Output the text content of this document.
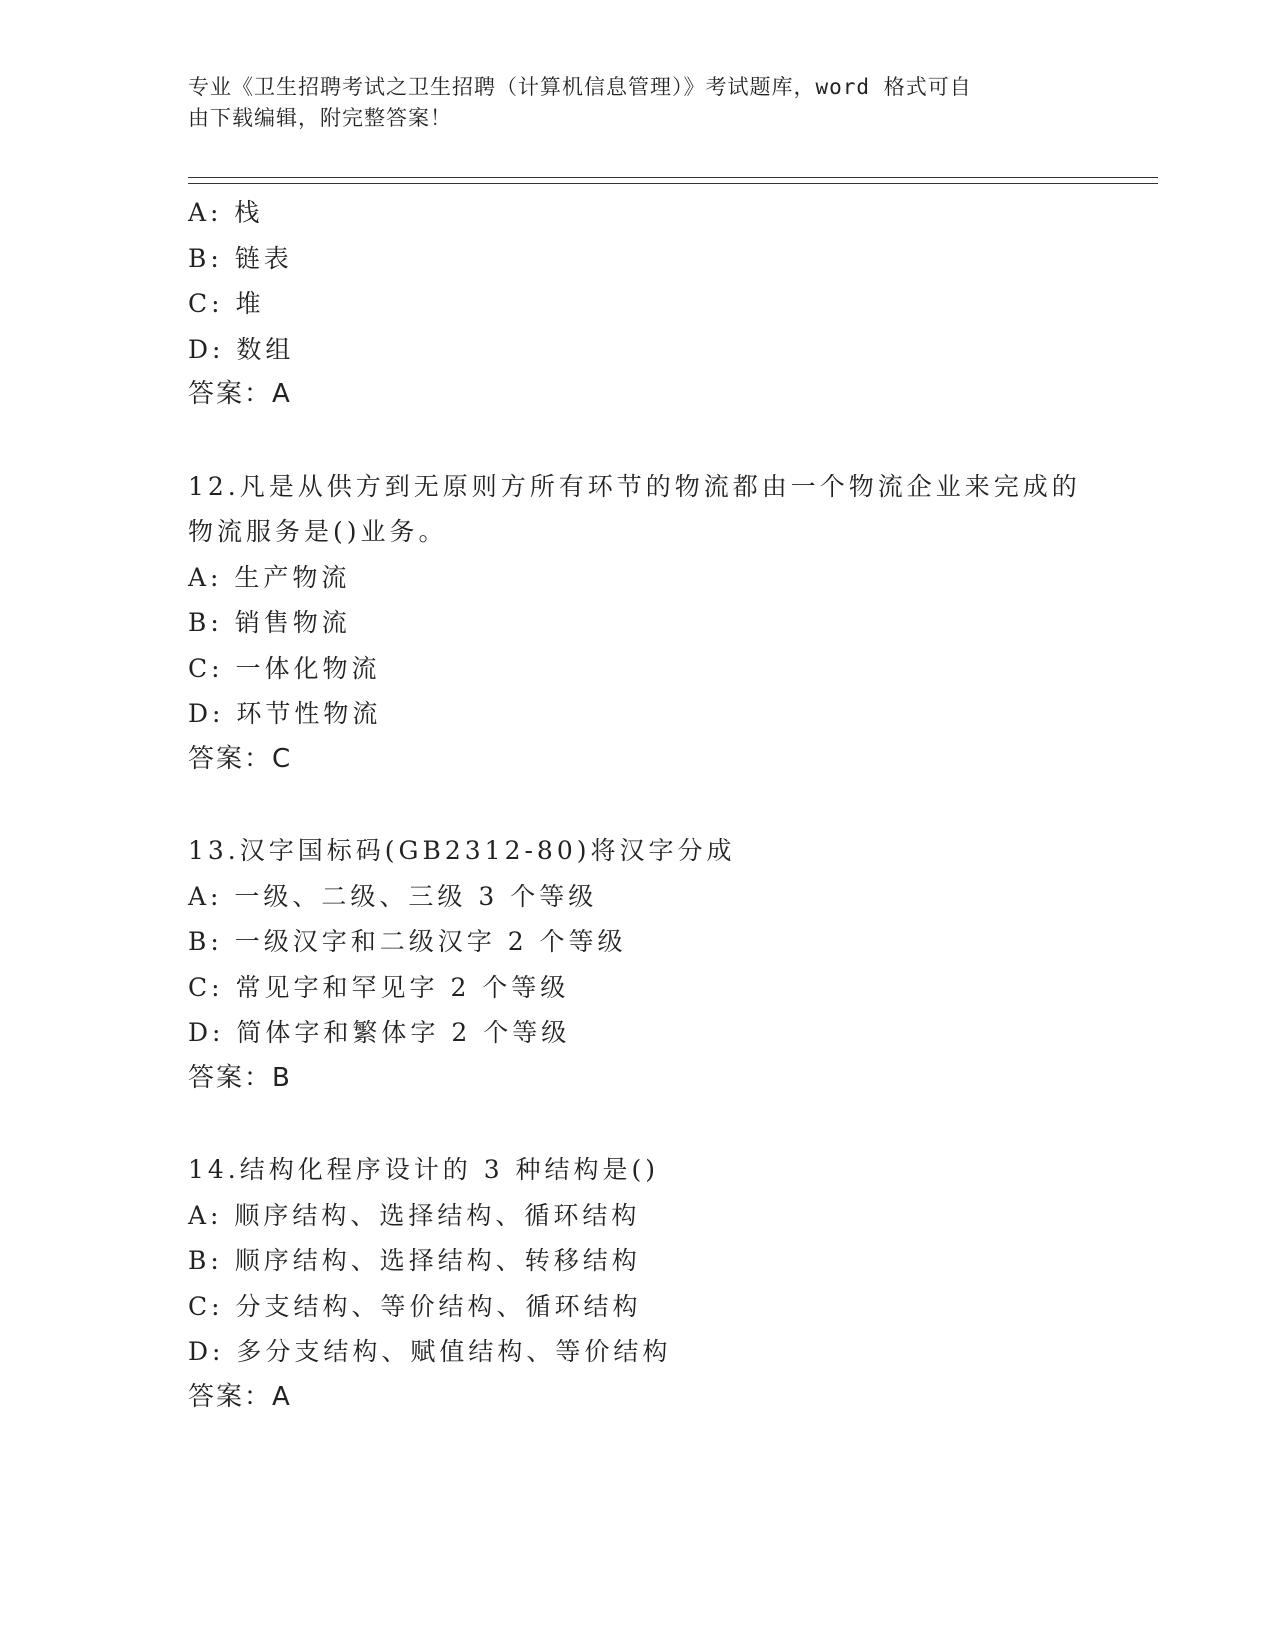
专业《卫生招聘考试之卫生招聘（计算机信息管理）》考试题库，word 格式可自
由下载编辑，附完整答案！
A: 栈
B: 链表
C: 堆
D: 数组
答案：A
12.凡是从供方到无原则方所有环节的物流都由一个物流企业来完成的
物流服务是()业务。
A: 生产物流
B: 销售物流
C: 一体化物流
D: 环节性物流
答案：C
13.汉字国标码(GB2312-80)将汉字分成
A: 一级、二级、三级 3 个等级
B: 一级汉字和二级汉字 2 个等级
C: 常见字和罕见字 2 个等级
D: 简体字和繁体字 2 个等级
答案：B
14.结构化程序设计的 3 种结构是()
A: 顺序结构、选择结构、循环结构
B: 顺序结构、选择结构、转移结构
C: 分支结构、等价结构、循环结构
D: 多分支结构、赋值结构、等价结构
答案：A
